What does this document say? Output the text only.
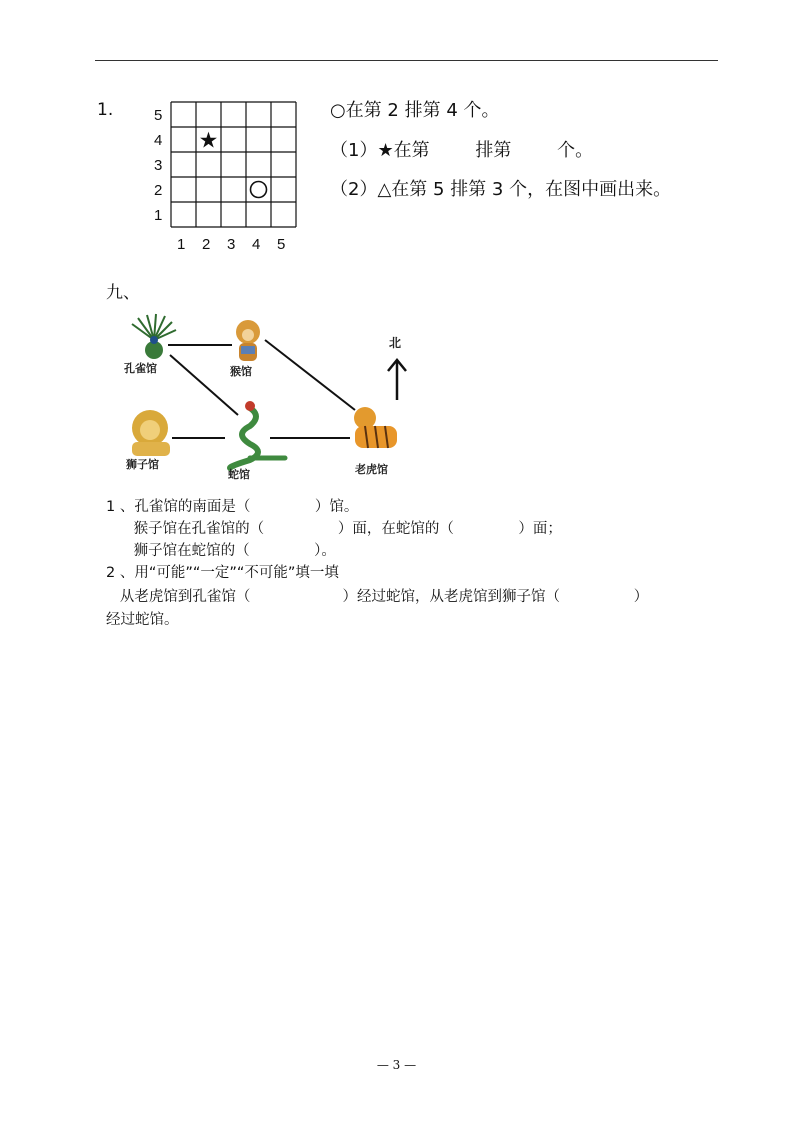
1.	5
4
3
2
1
1 2 3 4 5
★
○在第 2 排第 4 个。
（1）★在第        排第        个。
（2）△在第 5 排第 3 个，在图中画出来。
九、
孔雀馆	猴馆
北
狮子馆
蛇馆	老虎馆
1 、孔雀馆的南面是（              ）馆。
猴子馆在孔雀馆的（                ）面，在蛇馆的（              ）面；
狮子馆在蛇馆的（              ）。
2 、用“可能”“一定”“不可能”填一填
从老虎馆到孔雀馆（                    ）经过蛇馆，从老虎馆到狮子馆（                ）
经过蛇馆。
— 3 —
